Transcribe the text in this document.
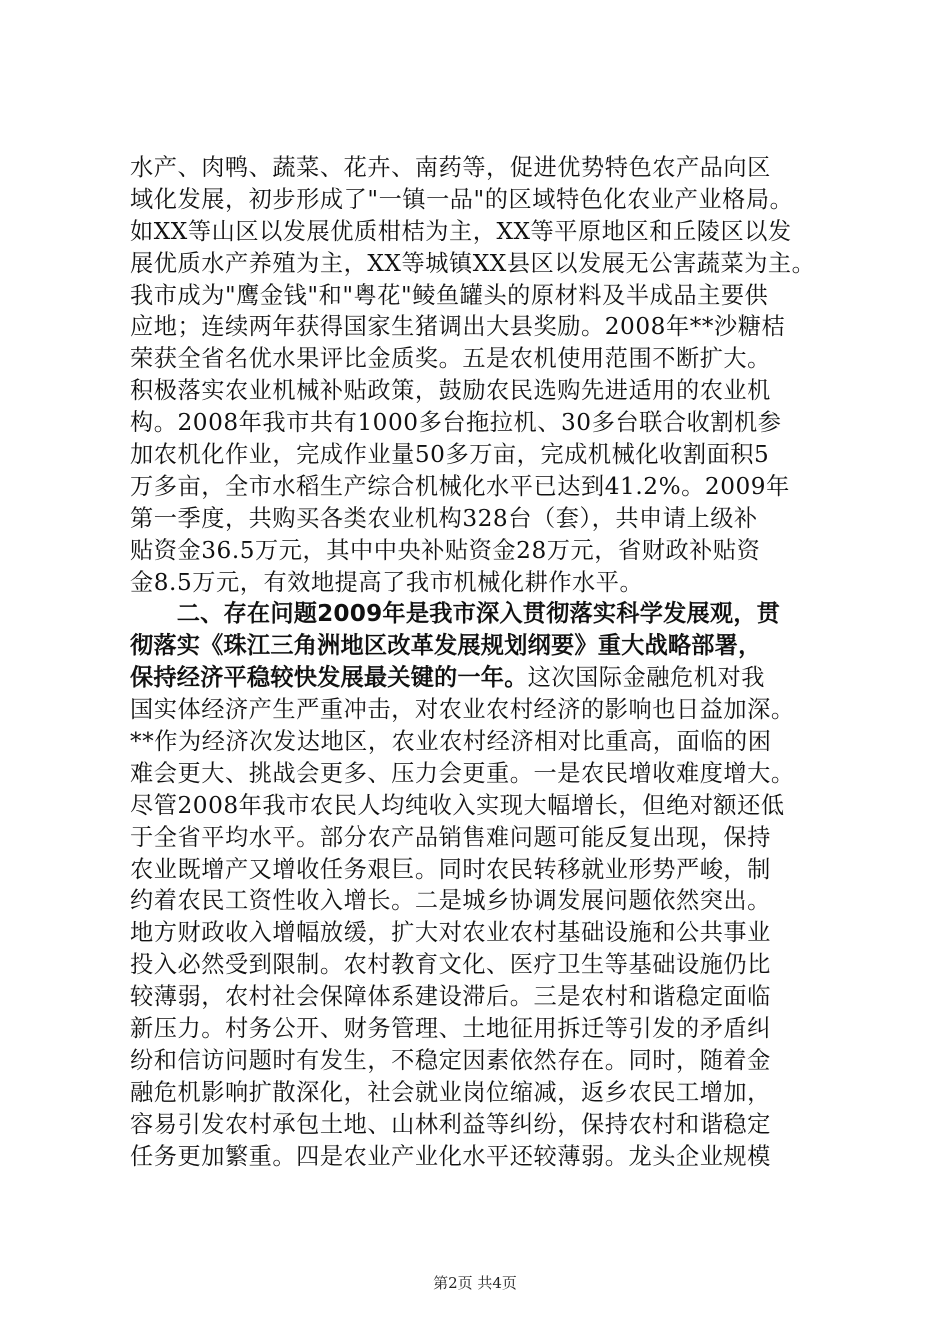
水产、肉鸭、蔬菜、花卉、南药等，促进优势特色农产品向区
域化发展，初步形成了"一镇一品"的区域特色化农业产业格局。
如XX等山区以发展优质柑桔为主，XX等平原地区和丘陵区以发
展优质水产养殖为主，XX等城镇XX县区以发展无公害蔬菜为主。
我市成为"鹰金钱"和"粤花"鲮鱼罐头的原材料及半成品主要供
应地；连续两年获得国家生猪调出大县奖励。2008年**沙糖桔
荣获全省名优水果评比金质奖。五是农机使用范围不断扩大。
积极落实农业机械补贴政策，鼓励农民选购先进适用的农业机
构。2008年我市共有1000多台拖拉机、30多台联合收割机参
加农机化作业，完成作业量50多万亩，完成机械化收割面积5
万多亩，全市水稻生产综合机械化水平已达到41.2%。2009年
第一季度，共购买各类农业机构328台（套），共申请上级补
贴资金36.5万元，其中中央补贴资金28万元，省财政补贴资
金8.5万元，有效地提高了我市机械化耕作水平。
　　二、存在问题2009年是我市深入贯彻落实科学发展观，贯
彻落实《珠江三角洲地区改革发展规划纲要》重大战略部署，
保持经济平稳较快发展最关键的一年。这次国际金融危机对我
国实体经济产生严重冲击，对农业农村经济的影响也日益加深。
**作为经济次发达地区，农业农村经济相对比重高，面临的困
难会更大、挑战会更多、压力会更重。一是农民增收难度增大。
尽管2008年我市农民人均纯收入实现大幅增长，但绝对额还低
于全省平均水平。部分农产品销售难问题可能反复出现，保持
农业既增产又增收任务艰巨。同时农民转移就业形势严峻，制
约着农民工资性收入增长。二是城乡协调发展问题依然突出。
地方财政收入增幅放缓，扩大对农业农村基础设施和公共事业
投入必然受到限制。农村教育文化、医疗卫生等基础设施仍比
较薄弱，农村社会保障体系建设滞后。三是农村和谐稳定面临
新压力。村务公开、财务管理、土地征用拆迁等引发的矛盾纠
纷和信访问题时有发生，不稳定因素依然存在。同时，随着金
融危机影响扩散深化，社会就业岗位缩减，返乡农民工增加，
容易引发农村承包土地、山林利益等纠纷，保持农村和谐稳定
任务更加繁重。四是农业产业化水平还较薄弱。龙头企业规模
第2页 共4页
